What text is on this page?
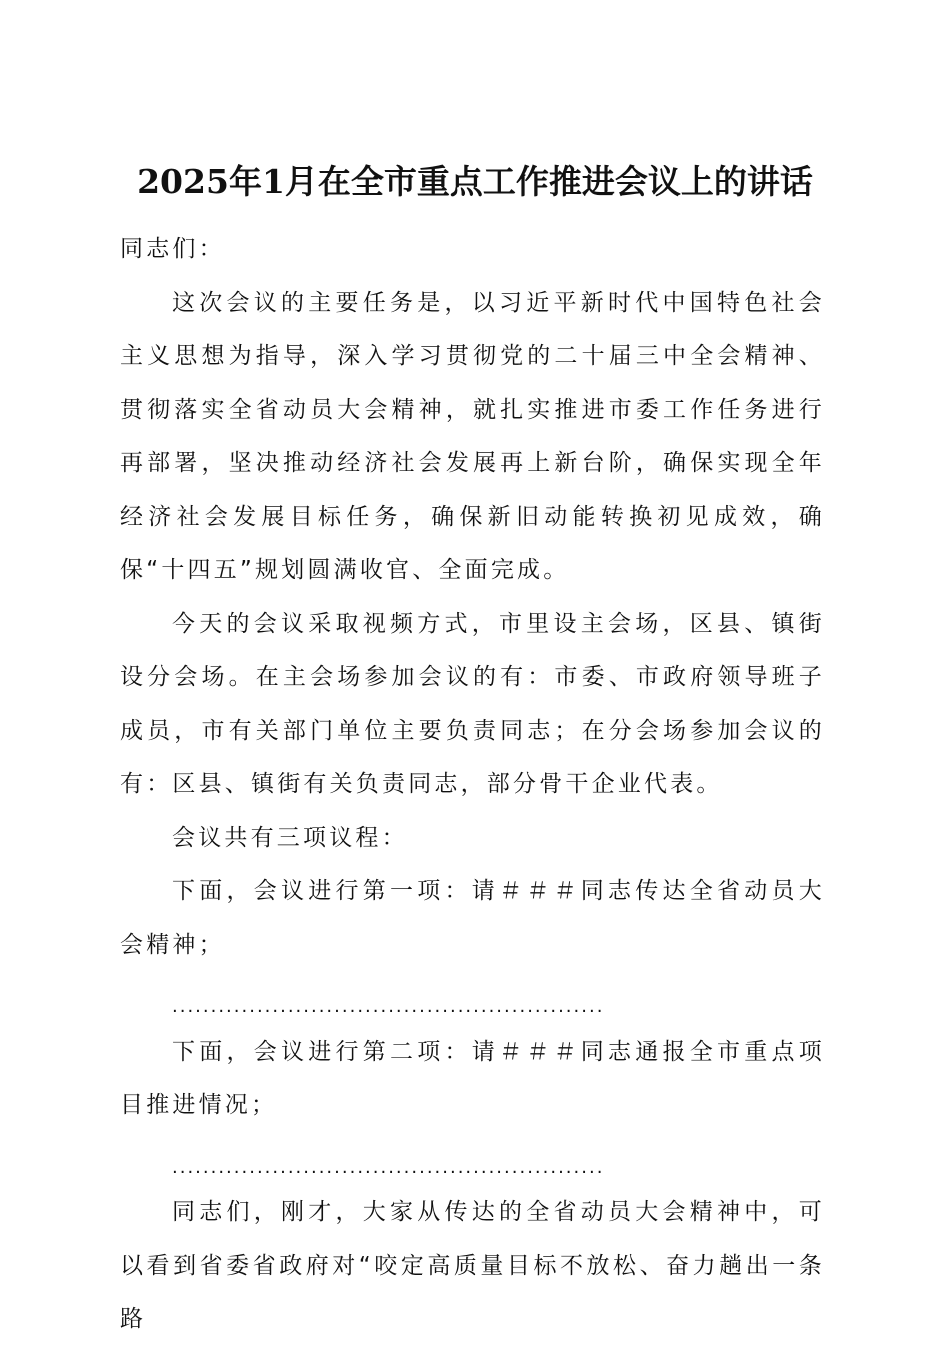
2025年1月在全市重点工作推进会议上的讲话

同志们：

这次会议的主要任务是，以习近平新时代中国特色社会主义思想为指导，深入学习贯彻党的二十届三中全会精神、贯彻落实全省动员大会精神，就扎实推进市委工作任务进行再部署，坚决推动经济社会发展再上新台阶，确保实现全年经济社会发展目标任务，确保新旧动能转换初见成效，确保“十四五”规划圆满收官、全面完成。

今天的会议采取视频方式，市里设主会场，区县、镇街设分会场。在主会场参加会议的有：市委、市政府领导班子成员，市有关部门单位主要负责同志；在分会场参加会议的有：区县、镇街有关负责同志，部分骨干企业代表。

会议共有三项议程：

下面，会议进行第一项：请＃＃＃同志传达全省动员大会精神；

........................................................

下面，会议进行第二项：请＃＃＃同志通报全市重点项目推进情况；

........................................................

同志们，刚才，大家从传达的全省动员大会精神中，可以看到省委省政府对“咬定高质量目标不放松、奋力趟出一条路
